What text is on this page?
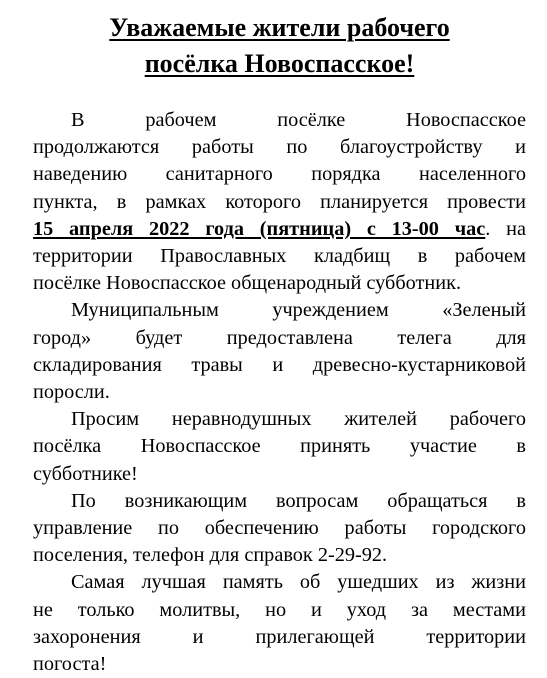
Уважаемые жители рабочего
посёлка Новоспасское!

В рабочем посёлке Новоспасское
продолжаются работы по благоустройству и
наведению санитарного порядка населенного
пункта, в рамках которого планируется провести
15 апреля 2022 года (пятница) с 13-00 час. на
территории Православных кладбищ в рабочем
посёлке Новоспасское общенародный субботник.

Муниципальным учреждением «Зеленый
город» будет предоставлена телега для
складирования травы и древесно-кустарниковой
поросли.

Просим неравнодушных жителей рабочего
посёлка Новоспасское принять участие в
субботнике!

По возникающим вопросам обращаться в
управление по обеспечению работы городского
поселения, телефон для справок 2-29-92.

Самая лучшая память об ушедших из жизни
не только молитвы, но и уход за местами
захоронения и прилегающей территории
погоста!
